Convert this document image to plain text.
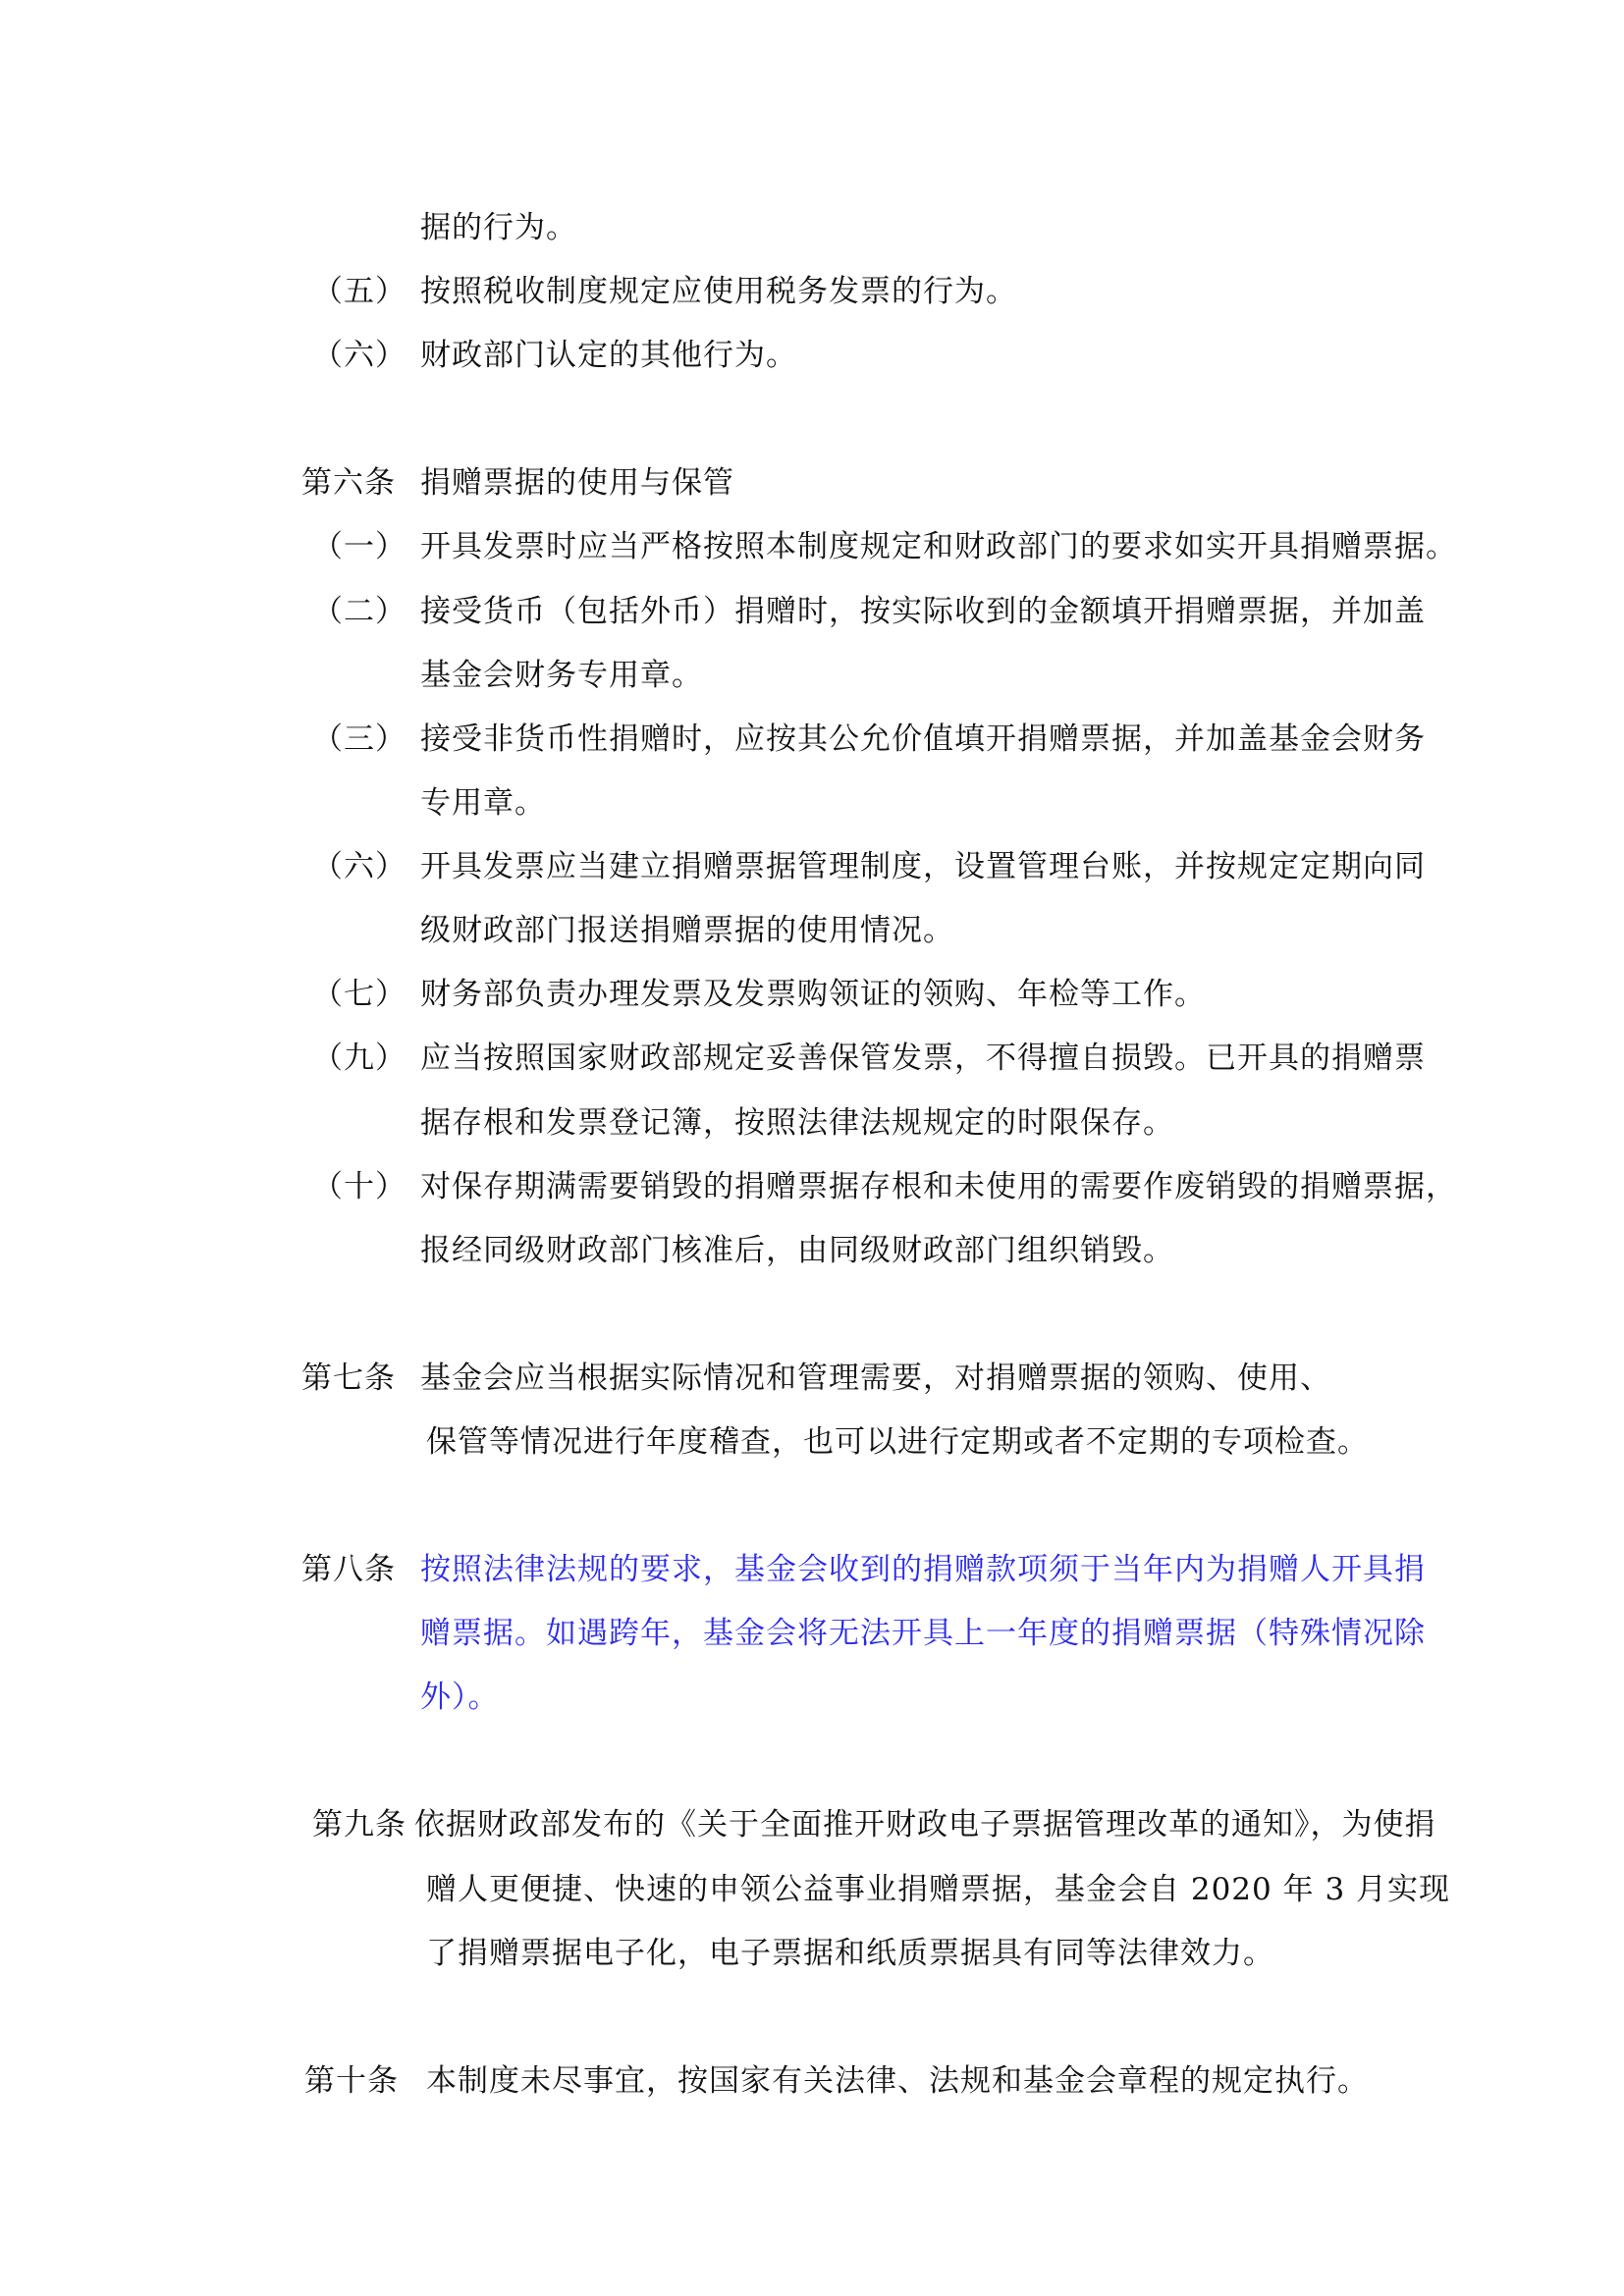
据的行为。
（五） 按照税收制度规定应使用税务发票的行为。
（六） 财政部门认定的其他行为。
第六条 捐赠票据的使用与保管
（一） 开具发票时应当严格按照本制度规定和财政部门的要求如实开具捐赠票据。
（二） 接受货币（包括外币）捐赠时，按实际收到的金额填开捐赠票据，并加盖
基金会财务专用章。
（三） 接受非货币性捐赠时，应按其公允价值填开捐赠票据，并加盖基金会财务
专用章。
（六） 开具发票应当建立捐赠票据管理制度，设置管理台账，并按规定定期向同
级财政部门报送捐赠票据的使用情况。
（七） 财务部负责办理发票及发票购领证的领购、年检等工作。
（九） 应当按照国家财政部规定妥善保管发票，不得擅自损毁。已开具的捐赠票
据存根和发票登记簿，按照法律法规规定的时限保存。
（十） 对保存期满需要销毁的捐赠票据存根和未使用的需要作废销毁的捐赠票据，
报经同级财政部门核准后，由同级财政部门组织销毁。
第七条 基金会应当根据实际情况和管理需要，对捐赠票据的领购、使用、
保管等情况进行年度稽查，也可以进行定期或者不定期的专项检查。
第八条 按照法律法规的要求，基金会收到的捐赠款项须于当年内为捐赠人开具捐
赠票据。如遇跨年，基金会将无法开具上一年度的捐赠票据（特殊情况除
外）。
第九条 依据财政部发布的《关于全面推开财政电子票据管理改革的通知》，为使捐
赠人更便捷、快速的申领公益事业捐赠票据，基金会自 2020 年 3 月实现
了捐赠票据电子化，电子票据和纸质票据具有同等法律效力。
第十条 本制度未尽事宜，按国家有关法律、法规和基金会章程的规定执行。
